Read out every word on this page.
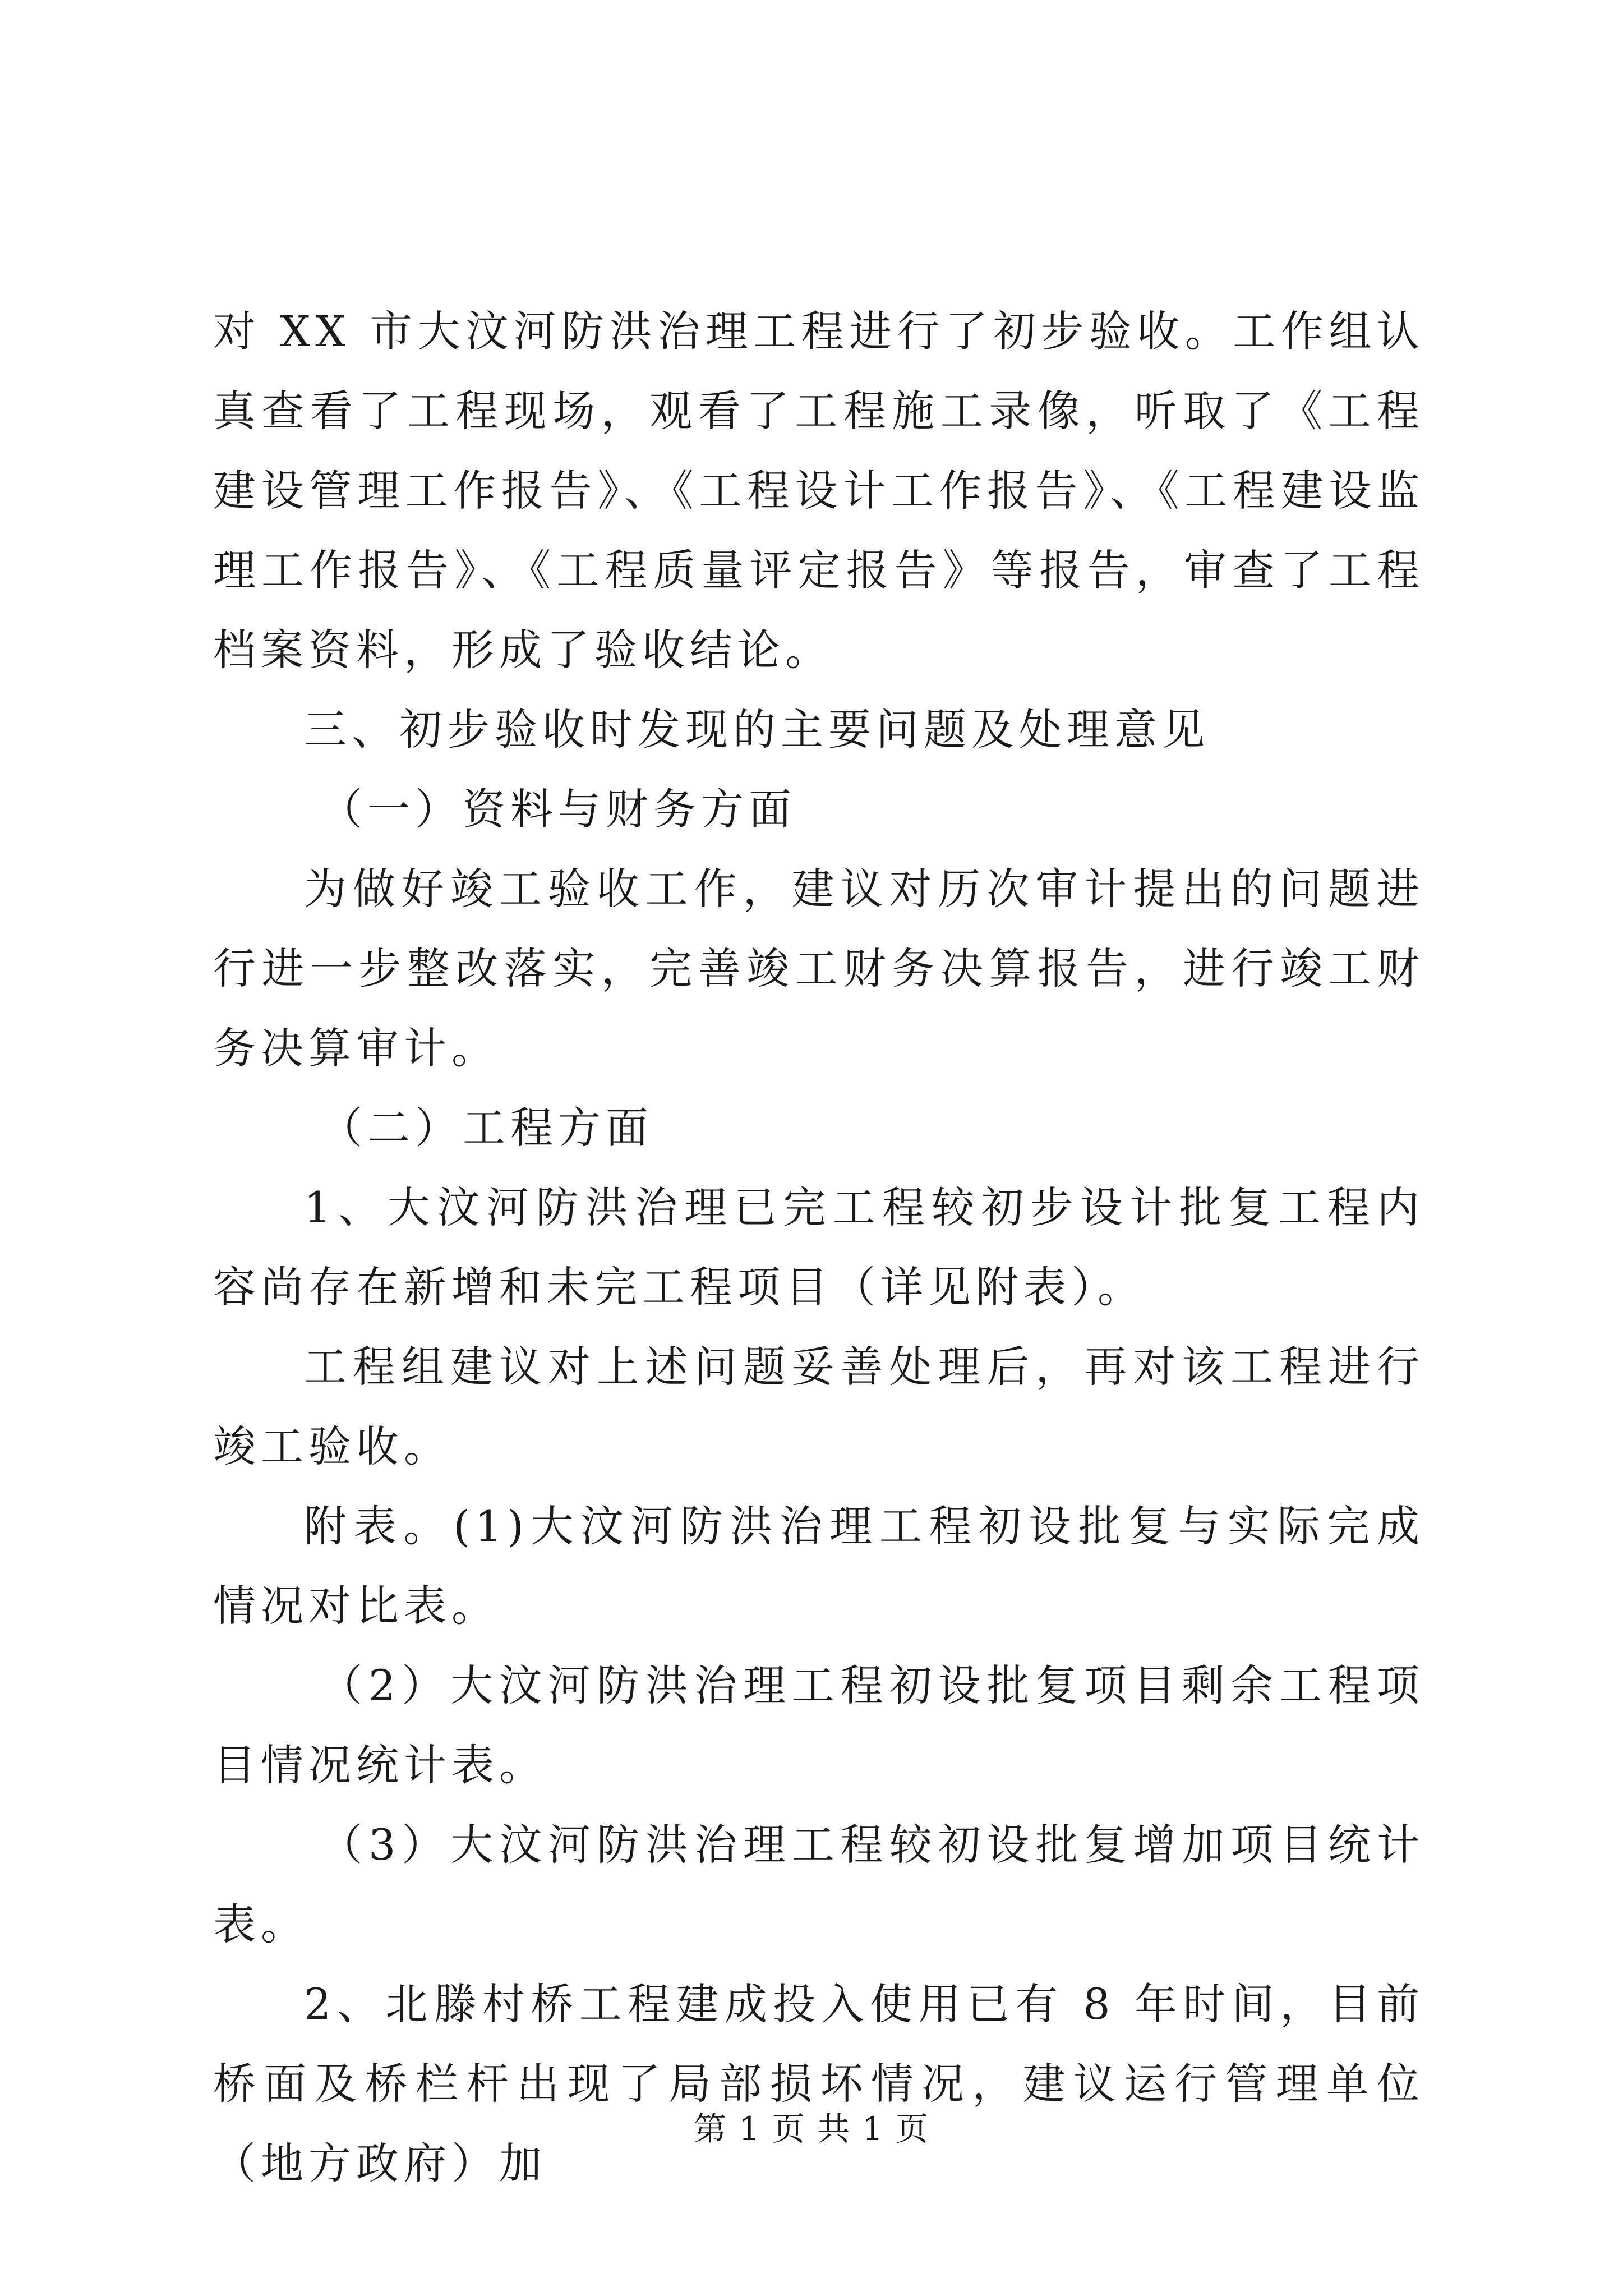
对 XX 市大汶河防洪治理工程进行了初步验收。工作组认真查看了工程现场，观看了工程施工录像，听取了《工程建设管理工作报告》、《工程设计工作报告》、《工程建设监理工作报告》、《工程质量评定报告》等报告，审查了工程档案资料，形成了验收结论。

三、初步验收时发现的主要问题及处理意见

（一）资料与财务方面

为做好竣工验收工作，建议对历次审计提出的问题进行进一步整改落实，完善竣工财务决算报告，进行竣工财务决算审计。

（二）工程方面

1、大汶河防洪治理已完工程较初步设计批复工程内容尚存在新增和未完工程项目（详见附表）。

工程组建议对上述问题妥善处理后，再对该工程进行竣工验收。

附表。(1)大汶河防洪治理工程初设批复与实际完成情况对比表。

（2）大汶河防洪治理工程初设批复项目剩余工程项目情况统计表。

（3）大汶河防洪治理工程较初设批复增加项目统计表。

2、北滕村桥工程建成投入使用已有 8 年时间，目前桥面及桥栏杆出现了局部损坏情况，建议运行管理单位（地方政府）加

第 1 页 共 1 页
